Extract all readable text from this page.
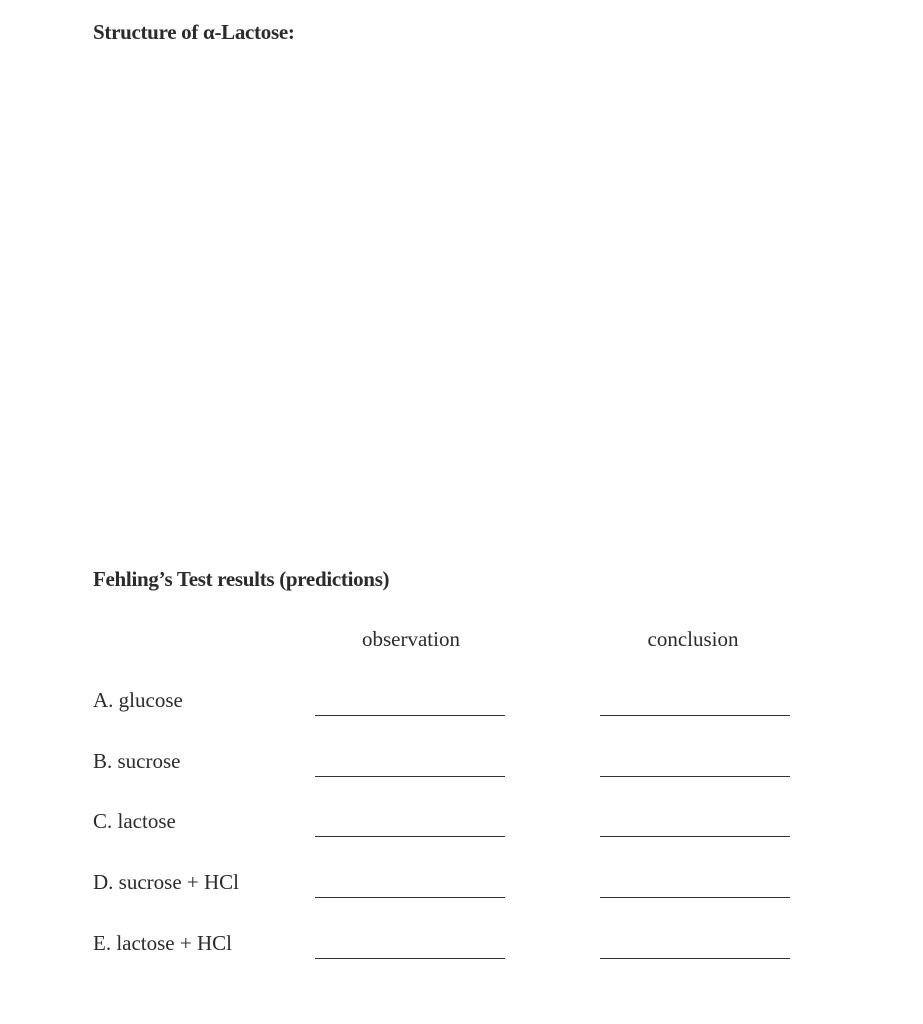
Structure of α-Lactose:
Fehling’s Test results (predictions)
observation	conclusion
A. glucose
B. sucrose
C. lactose
D. sucrose + HCl
E. lactose + HCl
